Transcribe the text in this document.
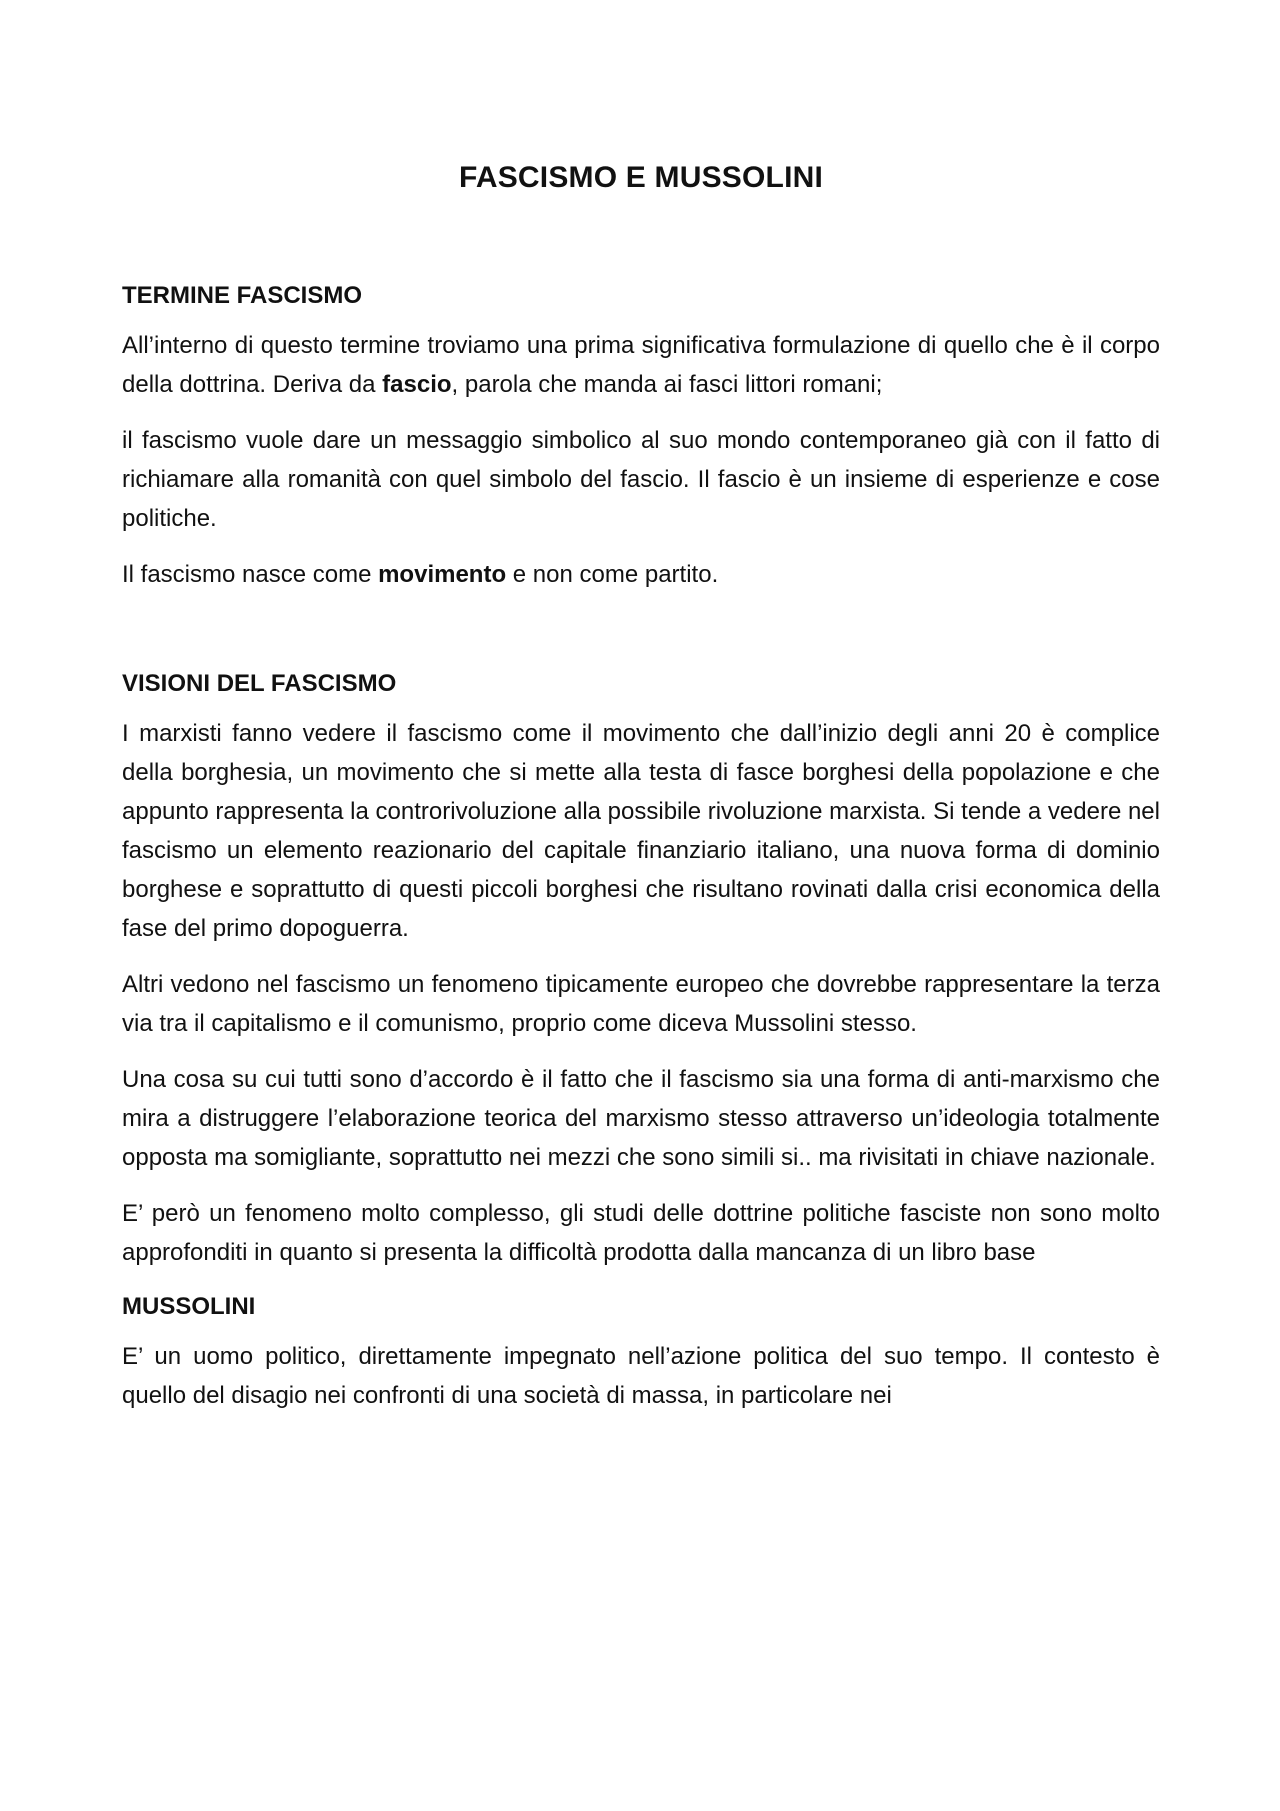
FASCISMO E MUSSOLINI
TERMINE FASCISMO

All’interno di questo termine troviamo una prima significativa formulazione di quello che è il corpo della dottrina. Deriva da fascio, parola che manda ai fasci littori romani;

il fascismo vuole dare un messaggio simbolico al suo mondo contemporaneo già con il fatto di richiamare alla romanità con quel simbolo del fascio. Il fascio è un insieme di esperienze e cose politiche.

Il fascismo nasce come movimento e non come partito.

VISIONI DEL FASCISMO

I marxisti fanno vedere il fascismo come il movimento che dall’inizio degli anni 20 è complice della borghesia, un movimento che si mette alla testa di fasce borghesi della popolazione e che appunto rappresenta la controrivoluzione alla possibile rivoluzione marxista. Si tende a vedere nel fascismo un elemento reazionario del capitale finanziario italiano, una nuova forma di dominio borghese e soprattutto di questi piccoli borghesi che risultano rovinati dalla crisi economica della fase del primo dopoguerra.

Altri vedono nel fascismo un fenomeno tipicamente europeo che dovrebbe rappresentare la terza via tra il capitalismo e il comunismo, proprio come diceva Mussolini stesso.

Una cosa su cui tutti sono d’accordo è il fatto che il fascismo sia una forma di anti-marxismo che mira a distruggere l’elaborazione teorica del marxismo stesso attraverso un’ideologia totalmente opposta ma somigliante, soprattutto nei mezzi che sono simili si.. ma rivisitati in chiave nazionale.

E’ però un fenomeno molto complesso, gli studi delle dottrine politiche fasciste non sono molto approfonditi in quanto si presenta la difficoltà prodotta dalla mancanza di un libro base

MUSSOLINI

E’ un uomo politico, direttamente impegnato nell’azione politica del suo tempo. Il contesto è quello del disagio nei confronti di una società di massa, in particolare nei
